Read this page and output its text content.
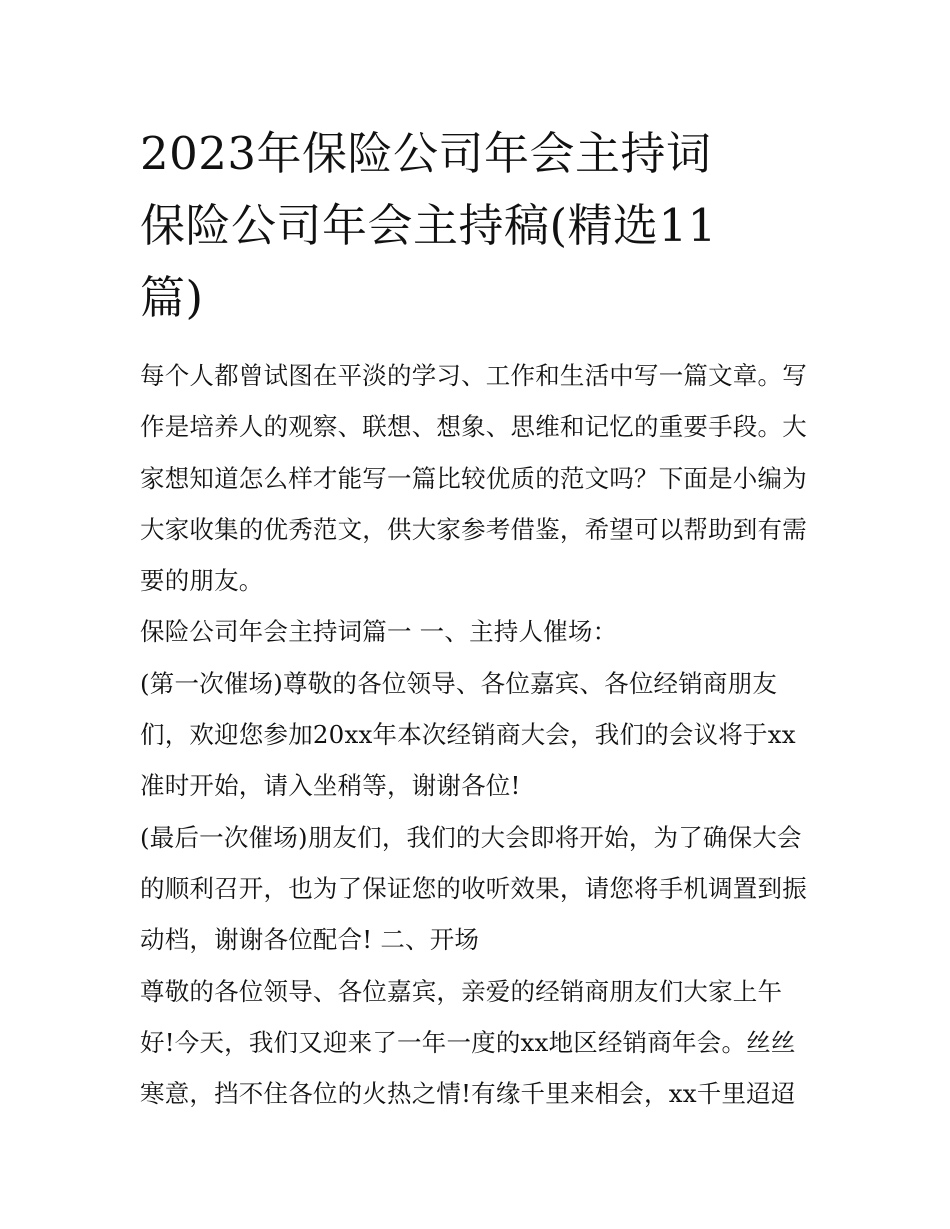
2023年保险公司年会主持词
保险公司年会主持稿(精选11
篇)
每个人都曾试图在平淡的学习、工作和生活中写一篇文章。写
作是培养人的观察、联想、想象、思维和记忆的重要手段。大
家想知道怎么样才能写一篇比较优质的范文吗？下面是小编为
大家收集的优秀范文，供大家参考借鉴，希望可以帮助到有需
要的朋友。
保险公司年会主持词篇一 一、主持人催场：
(第一次催场)尊敬的各位领导、各位嘉宾、各位经销商朋友
们，欢迎您参加20xx年本次经销商大会，我们的会议将于xx
准时开始，请入坐稍等，谢谢各位!
(最后一次催场)朋友们，我们的大会即将开始，为了确保大会
的顺利召开，也为了保证您的收听效果，请您将手机调置到振
动档，谢谢各位配合! 二、开场
尊敬的各位领导、各位嘉宾，亲爱的经销商朋友们大家上午
好!今天，我们又迎来了一年一度的xx地区经销商年会。丝丝
寒意，挡不住各位的火热之情!有缘千里来相会，xx千里迢迢
